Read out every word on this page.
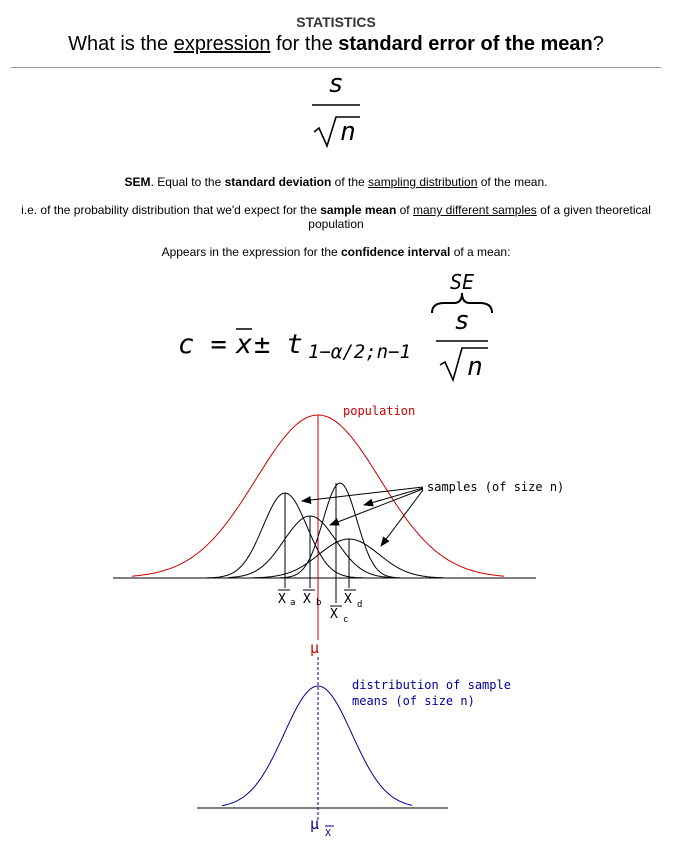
STATISTICS
What is the expression for the standard error of the mean?
s
n
SEM. Equal to the standard deviation of the sampling distribution of the mean.
i.e. of the probability distribution that we'd expect for the sample mean of many different samples of a given theoretical population
Appears in the expression for the confidence interval of a mean:
c = x ± t 1−α/2;n−1
SE
s
n
population
X a X b
X c
X d
samples (of size n)
μ
distribution of sample
means (of size n)
μ
X
